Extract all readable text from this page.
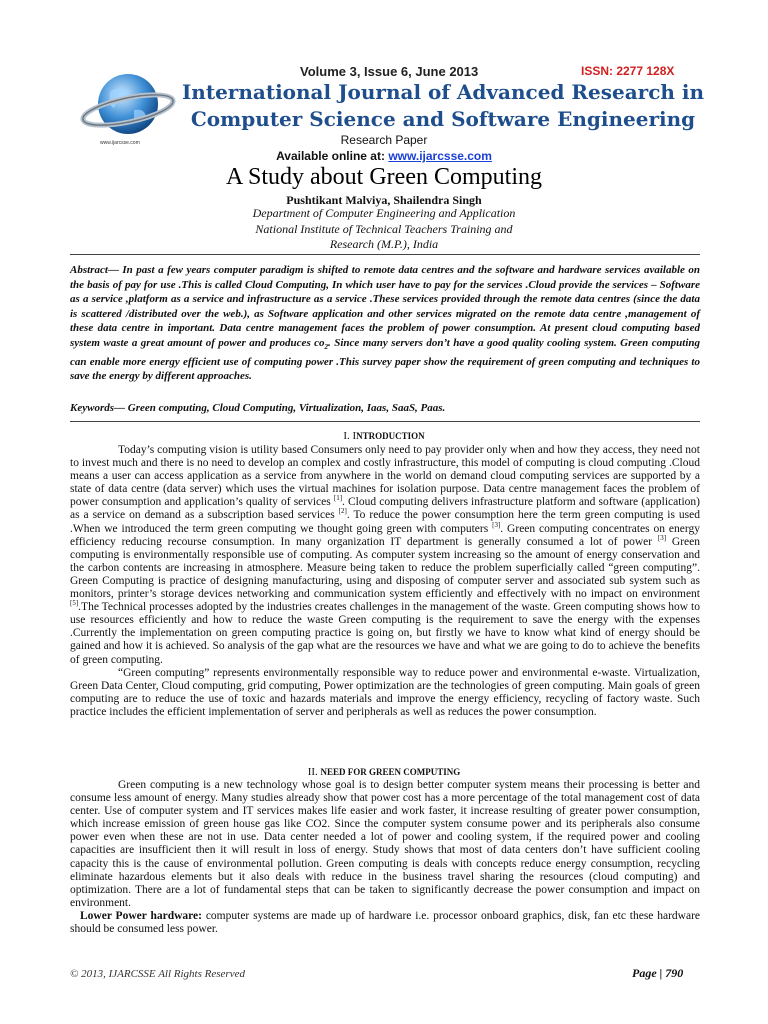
www.ijarcsse.com
Volume 3, Issue 6, June 2013	ISSN: 2277 128X
International Journal of Advanced Research in
Computer Science and Software Engineering
Research Paper
Available online at: www.ijarcsse.com
A Study about Green Computing
Pushtikant Malviya, Shailendra Singh
Department of Computer Engineering and Application
National Institute of Technical Teachers Training and
Research (M.P.), India

Abstract— In past a few years computer paradigm is shifted to remote data centres and the software and hardware services available on the basis of pay for use .This is called Cloud Computing, In which user have to pay for the services .Cloud provide the services – Software as a service ,platform as a service and infrastructure as a service .These services provided through the remote data centres (since the data is scattered /distributed over the web.), as Software application and other services migrated on the remote data centre ,management of these data centre in important. Data centre management faces the problem of power consumption. At present cloud computing based system waste a great amount of power and produces $co_2$. Since many servers don’t have a good quality cooling system. Green computing can enable more energy efficient use of computing power .This survey paper show the requirement of green computing and techniques to save the energy by different approaches.

Keywords— Green computing, Cloud Computing, Virtualization, Iaas, SaaS, Paas.

I. INTRODUCTION

Today’s computing vision is utility based Consumers only need to pay provider only when and how they access, they need not to invest much and there is no need to develop an complex and costly infrastructure, this model of computing is cloud computing .Cloud means a user can access application as a service from anywhere in the world on demand cloud computing services are supported by a state of data centre (data server) which uses the virtual machines for isolation purpose. Data centre management faces the problem of power consumption and application’s quality of services [1]. Cloud computing delivers infrastructure platform and software (application) as a service on demand as a subscription based services [2]. To reduce the power consumption here the term green computing is used .When we introduced the term green computing we thought going green with computers [3]. Green computing concentrates on energy efficiency reducing recourse consumption. In many organization IT department is generally consumed a lot of power [3] Green computing is environmentally responsible use of computing. As computer system increasing so the amount of energy conservation and the carbon contents are increasing in atmosphere. Measure being taken to reduce the problem superficially called “green computing”. Green Computing is practice of designing manufacturing, using and disposing of computer server and associated sub system such as monitors, printer’s storage devices networking and communication system efficiently and effectively with no impact on environment [5].The Technical processes adopted by the industries creates challenges in the management of the waste. Green computing shows how to use resources efficiently and how to reduce the waste Green computing is the requirement to save the energy with the expenses .Currently the implementation on green computing practice is going on, but firstly we have to know what kind of energy should be gained and how it is achieved. So analysis of the gap what are the resources we have and what we are going to do to achieve the benefits of green computing.

“Green computing” represents environmentally responsible way to reduce power and environmental e-waste. Virtualization, Green Data Center, Cloud computing, grid computing, Power optimization are the technologies of green computing. Main goals of green computing are to reduce the use of toxic and hazards materials and improve the energy efficiency, recycling of factory waste. Such practice includes the efficient implementation of server and peripherals as well as reduces the power consumption.

II. NEED FOR GREEN COMPUTING

Green computing is a new technology whose goal is to design better computer system means their processing is better and consume less amount of energy. Many studies already show that power cost has a more percentage of the total management cost of data center. Use of computer system and IT services makes life easier and work faster, it increase resulting of greater power consumption, which increase emission of green house gas like CO2. Since the computer system consume power and its peripherals also consume power even when these are not in use. Data center needed a lot of power and cooling system, if the required power and cooling capacities are insufficient then it will result in loss of energy. Study shows that most of data centers don’t have sufficient cooling capacity this is the cause of environmental pollution. Green computing is deals with concepts reduce energy consumption, recycling eliminate hazardous elements but it also deals with reduce in the business travel sharing the resources (cloud computing) and optimization. There are a lot of fundamental steps that can be taken to significantly decrease the power consumption and impact on environment.

Lower Power hardware: computer systems are made up of hardware i.e. processor onboard graphics, disk, fan etc these hardware should be consumed less power.

© 2013, IJARCSSE All Rights Reserved	Page | 790
